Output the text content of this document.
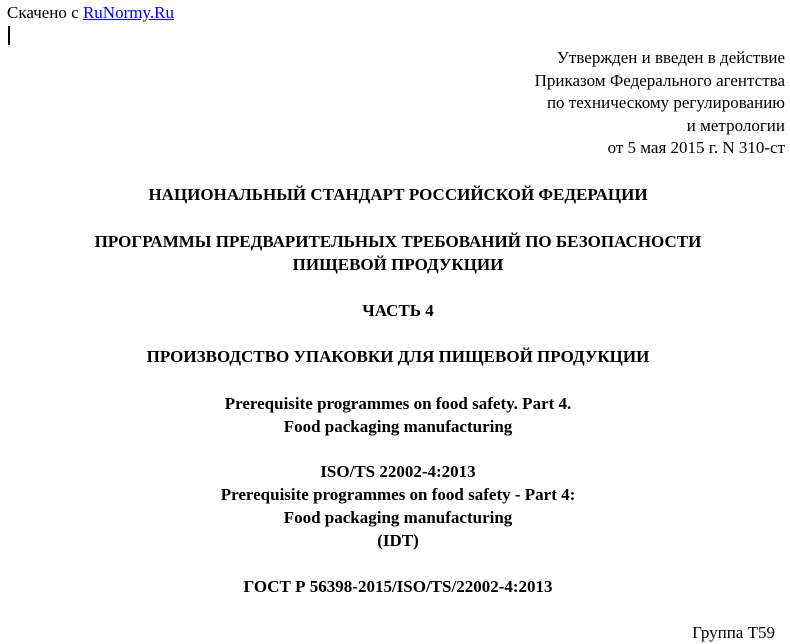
Скачено с RuNormy.Ru
Утвержден и введен в действие
Приказом Федерального агентства
по техническому регулированию
и метрологии
от 5 мая 2015 г. N 310-ст
НАЦИОНАЛЬНЫЙ СТАНДАРТ РОССИЙСКОЙ ФЕДЕРАЦИИ
ПРОГРАММЫ ПРЕДВАРИТЕЛЬНЫХ ТРЕБОВАНИЙ ПО БЕЗОПАСНОСТИ
ПИЩЕВОЙ ПРОДУКЦИИ
ЧАСТЬ 4
ПРОИЗВОДСТВО УПАКОВКИ ДЛЯ ПИЩЕВОЙ ПРОДУКЦИИ
Prerequisite programmes on food safety. Part 4.
Food packaging manufacturing
ISO/TS 22002-4:2013
Prerequisite programmes on food safety - Part 4:
Food packaging manufacturing
(IDT)
ГОСТ Р 56398-2015/ISO/TS/22002-4:2013
Группа Т59
